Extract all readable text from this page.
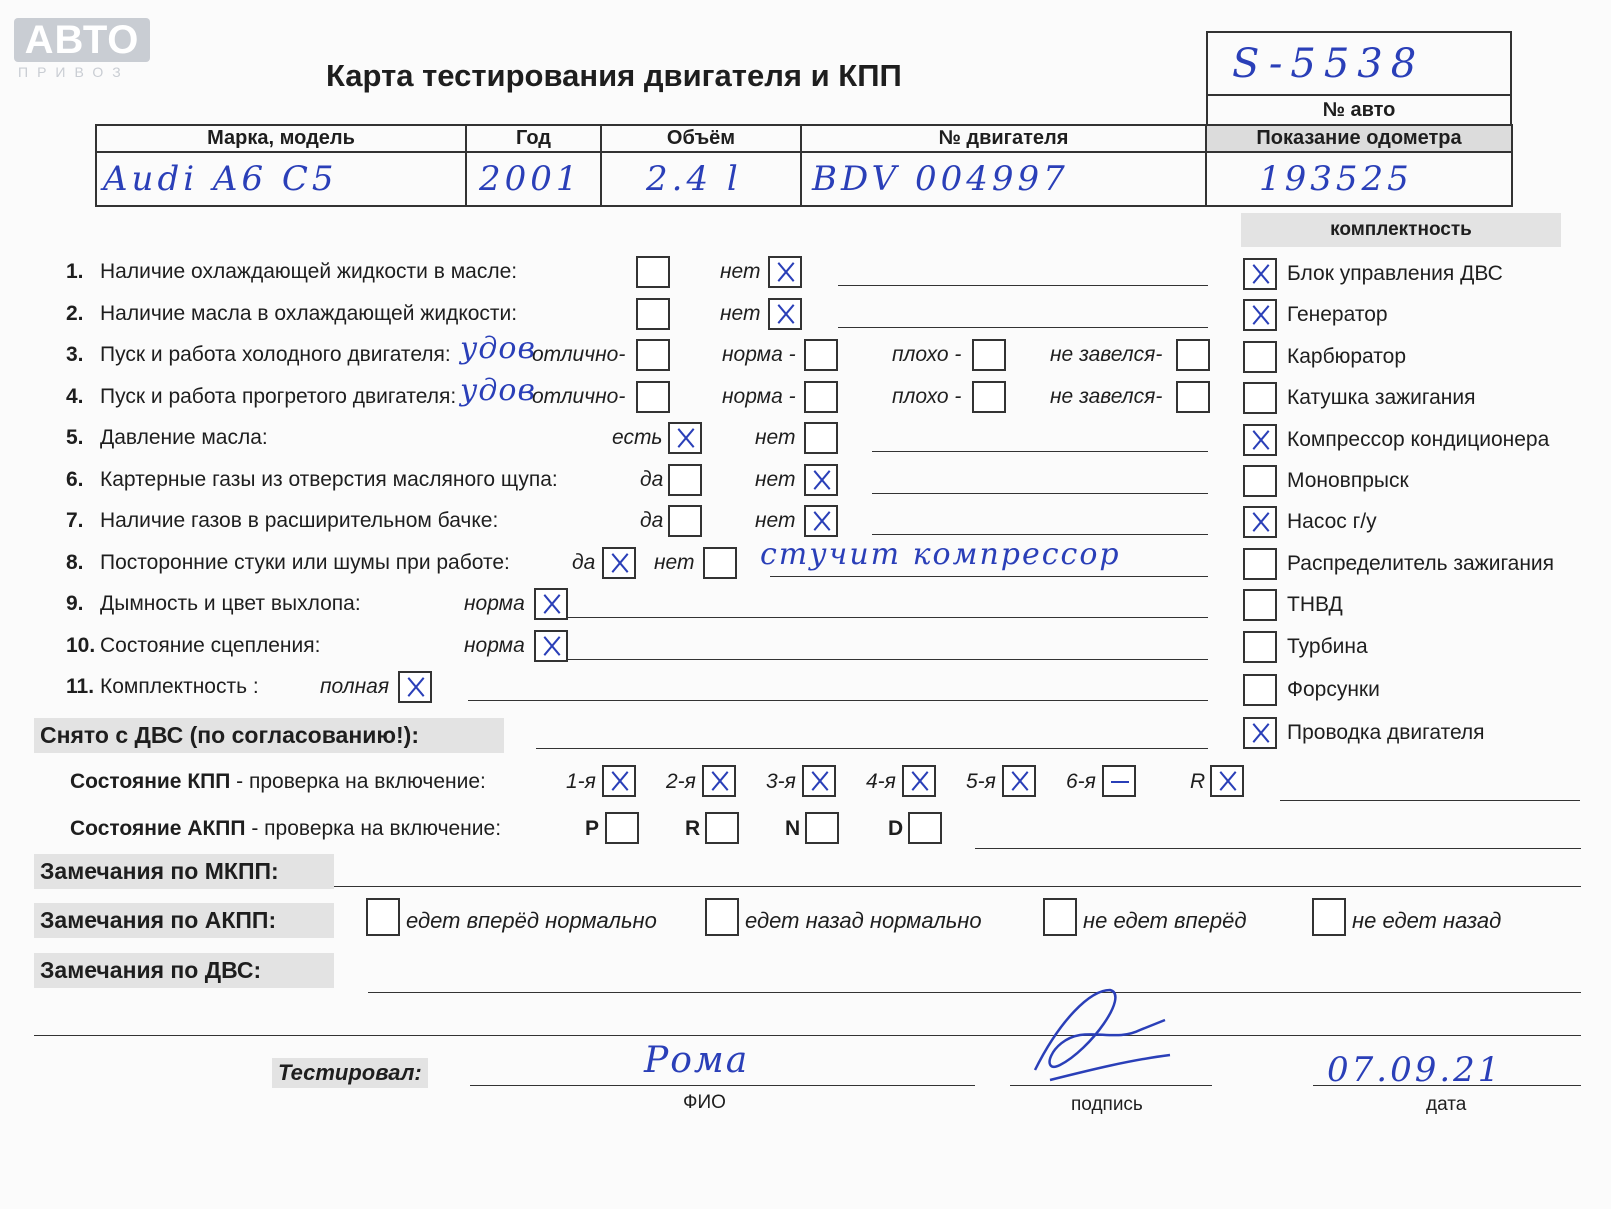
АВТО
ПРИВОЗ	Карта тестирования двигателя и КПП	S-5538
№ авто
Марка, модель	Год	Объём	№ двигателя	Показание одометра
Audi A6 C5	2001	2.4 l	BDV 004997	193525
комплектность
Блок управления ДВС
Генератор
Карбюратор
Катушка зажигания
Компрессор кондиционера
Моновпрыск
Насос г/у
Распределитель зажигания
ТНВД
Турбина
Форсунки
Проводка двигателя
1. Наличие охлаждающей жидкости в масле:	нет
2. Наличие масла в охлаждающей жидкости:	нет
3. Пуск и работа холодного двигателя: удов
отлично-	норма -	плохо -	не завелся-
4. Пуск и работа прогретого двигателя: удов
отлично-	норма -	плохо -	не завелся-
5. Давление масла:	есть	нет
6. Картерные газы из отверстия масляного щупа:	да	нет
7. Наличие газов в расширительном бачке:	да	нет
8. Посторонние стуки или шумы при работе:	да	нет
9. Дымность и цвет выхлопа:	норма
10. Состояние сцепления:	норма
11. Комплектность :	полная
стучит компрессор
Снято с ДВС (по согласованию!):
Состояние КПП - проверка на включение:	1-я	2-я	3-я	4-я	5-я	6-я	R
Состояние АКПП - проверка на включение:	P	R	N	D
Замечания по МКПП:
Замечания по АКПП:	едет вперёд нормально	едет назад нормально	не едет вперёд	не едет назад
Замечания по ДВС:
Тестировал:	Рома
ФИО	подпись
07.09.21
дата
